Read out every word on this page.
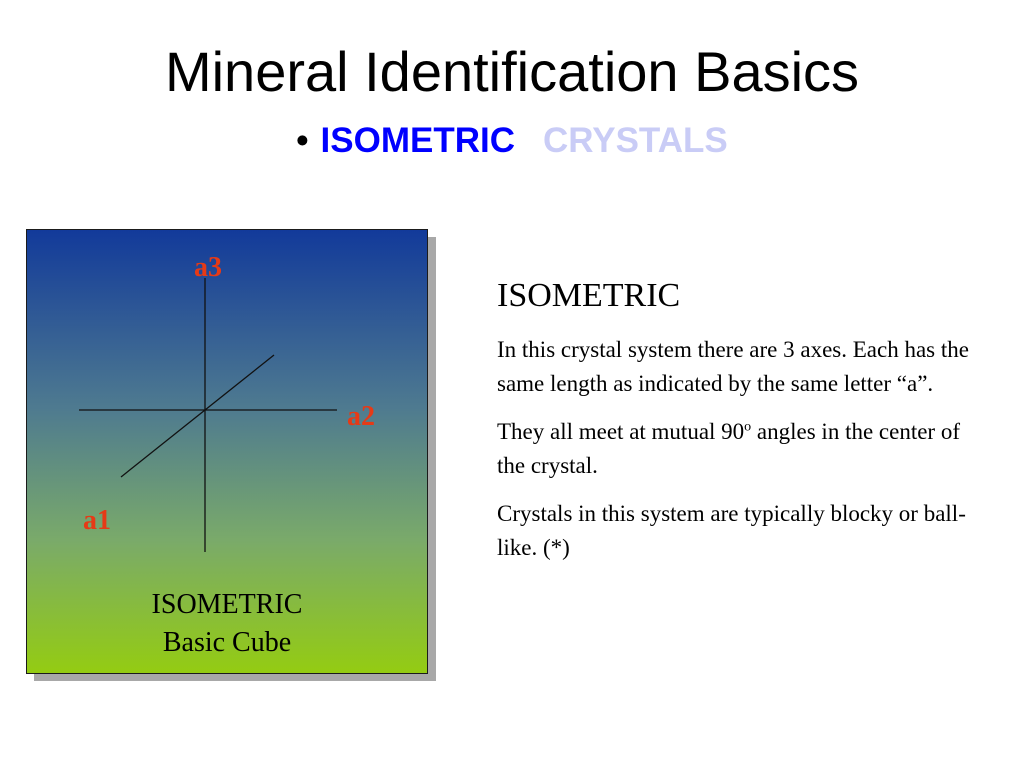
Mineral Identification Basics
• ISOMETRIC CRYSTALS
a3
a2
a1
ISOMETRIC
Basic Cube
ISOMETRIC

In this crystal system there are 3 axes. Each has the same length as indicated by the same letter “a”.

They all meet at mutual 90$^o$ angles in the center of the crystal.

Crystals in this system are typically blocky or ball-like. (*)
